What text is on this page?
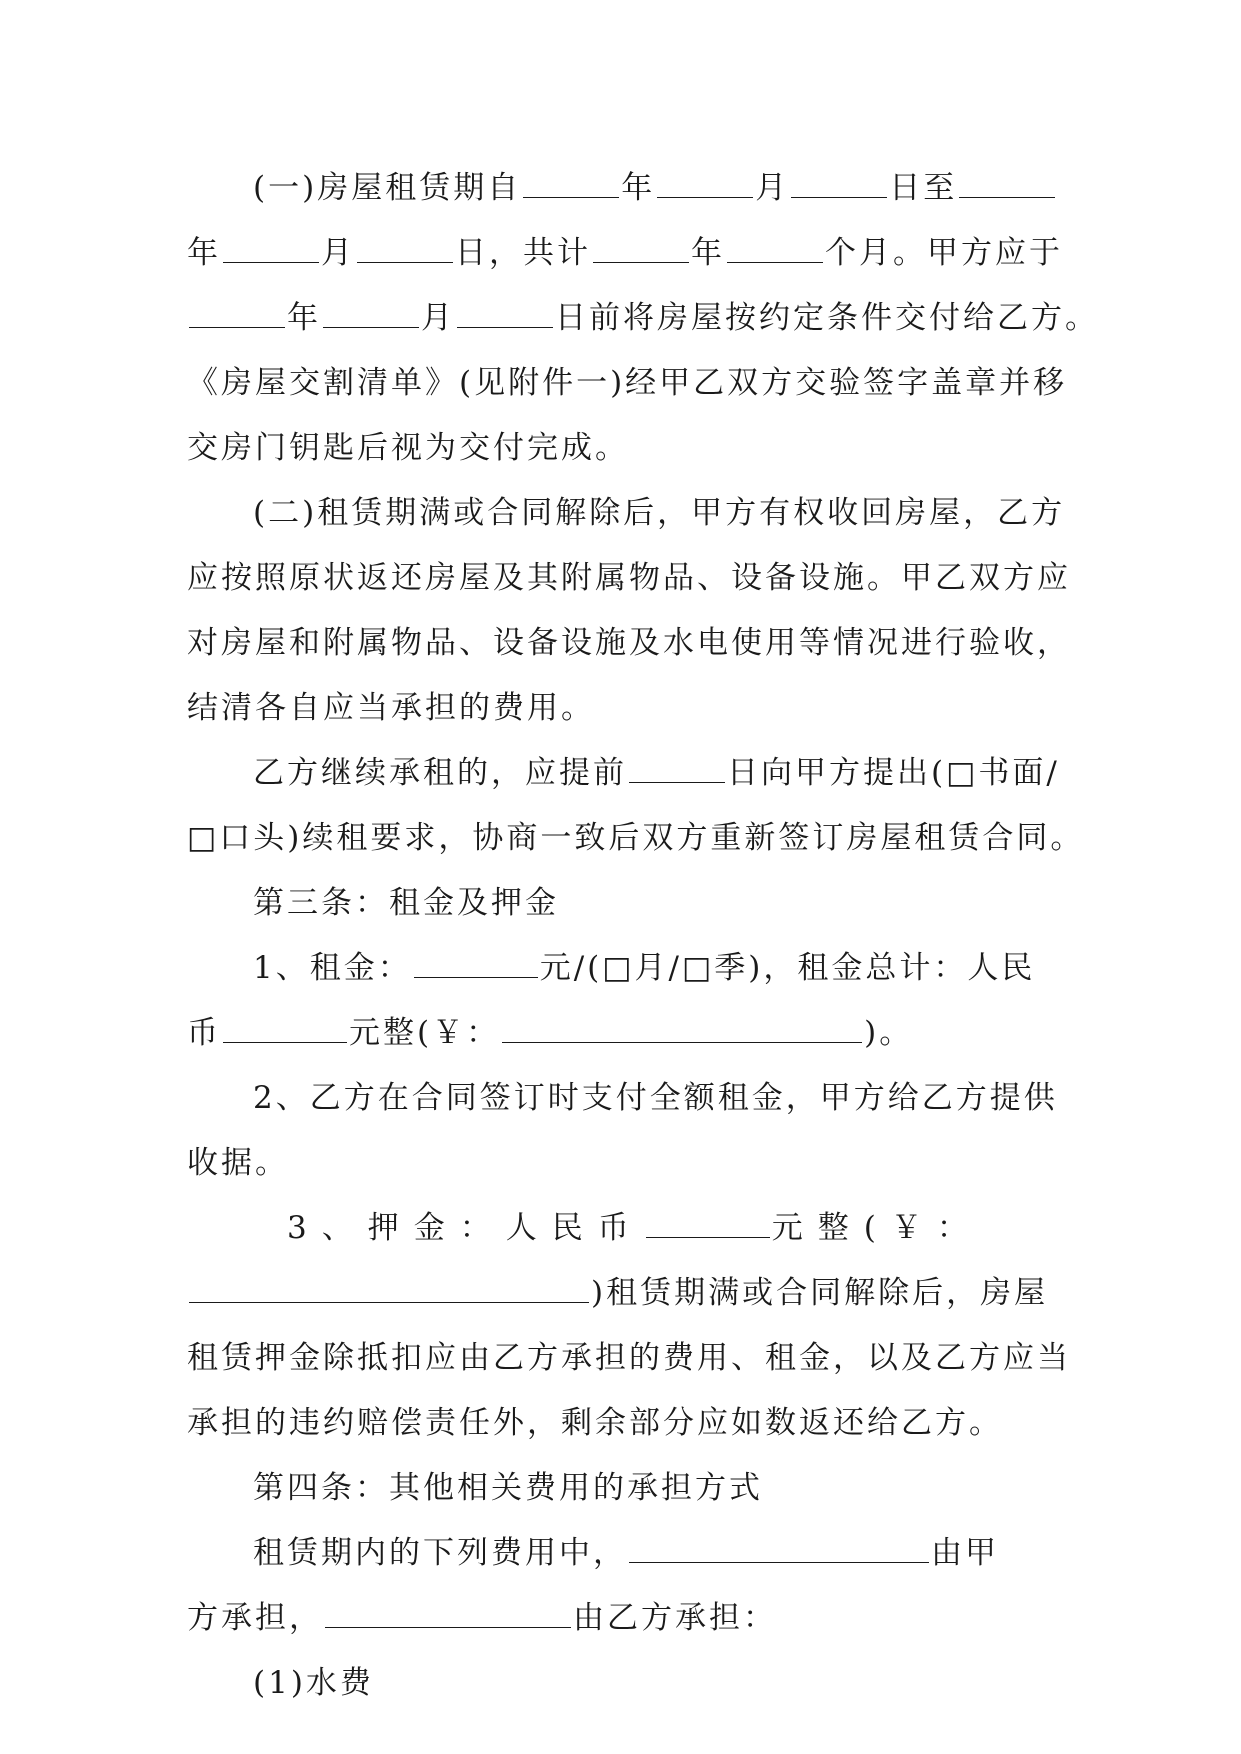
(一)房屋租赁期自	年	月	日至
年	月	日，共计	年	个月。甲方应于
年	月	日前将房屋按约定条件交付给乙方。
《房屋交割清单》(见附件一)经甲乙双方交验签字盖章并移
交房门钥匙后视为交付完成。
(二)租赁期满或合同解除后，甲方有权收回房屋，乙方
应按照原状返还房屋及其附属物品、设备设施。甲乙双方应
对房屋和附属物品、设备设施及水电使用等情况进行验收，
结清各自应当承担的费用。
乙方继续承租的，应提前	日向甲方提出(□书面/
□口头)续租要求，协商一致后双方重新签订房屋租赁合同。
第三条：租金及押金
1、租金：	元/(□月/□季)，租金总计：人民
币	元整(￥：	)。
2、乙方在合同签订时支付全额租金，甲方给乙方提供
收据。
3、押金：人民币	元整(￥：
)租赁期满或合同解除后，房屋
租赁押金除抵扣应由乙方承担的费用、租金，以及乙方应当
承担的违约赔偿责任外，剩余部分应如数返还给乙方。
第四条：其他相关费用的承担方式
租赁期内的下列费用中，	由甲
方承担，	由乙方承担：
(1)水费
